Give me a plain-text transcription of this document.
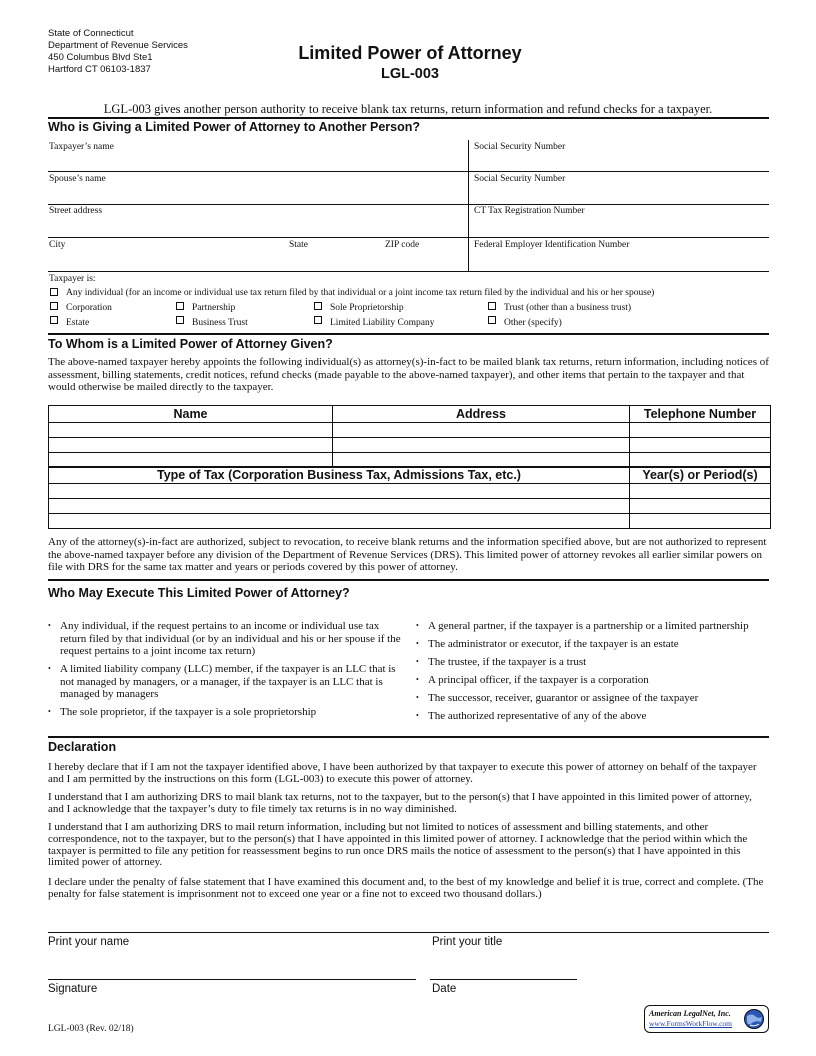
State of Connecticut
Department of Revenue Services
450 Columbus Blvd Ste1
Hartford CT 06103-1837
Limited Power of Attorney
LGL-003
LGL-003 gives another person authority to receive blank tax returns, return information and refund checks for a taxpayer.
Who is Giving a Limited Power of Attorney to Another Person?
Taxpayer’s name	Social Security Number
Spouse’s name	Social Security Number
Street address	CT Tax Registration Number
City	State	ZIP code	Federal Employer Identification Number
Taxpayer is:
Any individual (for an income or individual use tax return filed by that individual or a joint income tax return filed by the individual and his or her spouse)
Corporation	Partnership	Sole Proprietorship	Trust (other than a business trust)
Estate	Business Trust	Limited Liability Company	Other (specify)
To Whom is a Limited Power of Attorney Given?
The above-named taxpayer hereby appoints the following individual(s) as attorney(s)-in-fact to be mailed blank tax returns, return information, including notices of assessment, billing statements, credit notices, refund checks (made payable to the above-named taxpayer), and other items that pertain to the taxpayer and that would otherwise be mailed directly to the taxpayer.
Name	Address	Telephone Number

Type of Tax (Corporation Business Tax, Admissions Tax, etc.)	Year(s) or Period(s)

Any of the attorney(s)-in-fact are authorized, subject to revocation, to receive blank returns and the information specified above, but are not authorized to represent the above-named taxpayer before any division of the Department of Revenue Services (DRS). This limited power of attorney revokes all earlier similar powers on file with DRS for the same tax matter and years or periods covered by this power of attorney.
Who May Execute This Limited Power of Attorney?
• Any individual, if the request pertains to an income or individual use tax return filed by that individual (or by an individual and his or her spouse if the request pertains to a joint income tax return)
• A limited liability company (LLC) member, if the taxpayer is an LLC that is not managed by managers, or a manager, if the taxpayer is an LLC that is managed by managers
• The sole proprietor, if the taxpayer is a sole proprietorship
• A general partner, if the taxpayer is a partnership or a limited partnership
• The administrator or executor, if the taxpayer is an estate
• The trustee, if the taxpayer is a trust
• A principal officer, if the taxpayer is a corporation
• The successor, receiver, guarantor or assignee of the taxpayer
• The authorized representative of any of the above
Declaration
I hereby declare that if I am not the taxpayer identified above, I have been authorized by that taxpayer to execute this power of attorney on behalf of the taxpayer and I am permitted by the instructions on this form (LGL-003) to execute this power of attorney.
I understand that I am authorizing DRS to mail blank tax returns, not to the taxpayer, but to the person(s) that I have appointed in this limited power of attorney, and I acknowledge that the taxpayer’s duty to file timely tax returns is in no way diminished.
I understand that I am authorizing DRS to mail return information, including but not limited to notices of assessment and billing statements, and other correspondence, not to the taxpayer, but to the person(s) that I have appointed in this limited power of attorney. I acknowledge that the period within which the taxpayer is permitted to file any petition for reassessment begins to run once DRS mails the notice of assessment to the person(s) that I have appointed in this limited power of attorney.
I declare under the penalty of false statement that I have examined this document and, to the best of my knowledge and belief it is true, correct and complete. (The penalty for false statement is imprisonment not to exceed one year or a fine not to exceed two thousand dollars.)
Print your name	Print your title
Signature	Date
LGL-003 (Rev. 02/18)
American LegalNet, Inc.
www.FormsWorkFlow.com
